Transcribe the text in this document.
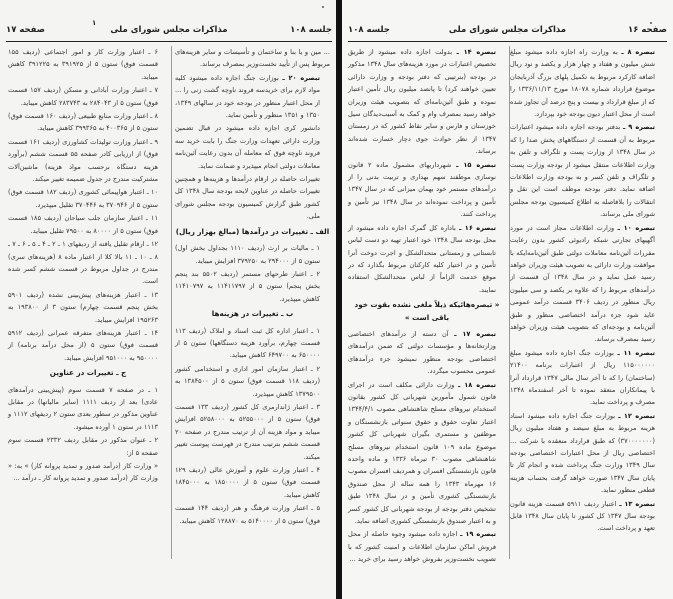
جلسه ۱۰۸
مذاکرات مجلس شورای ملی
۱
صفحه ۱۷

... مین و یا بنا و ساختمان و تأسیسات و سایر هزینه‌های مربوط پس از تأیید نخست‌وزیر بمصرف برساند.

تبصره ۲۰ ـ بوزارت جنگ اجازه داده میشود کلیه مواد لازم برای خریدسه فروند ناوچه گشت زنی را ... از محل اعتبار منظور در بودجه خود در سالهای ۱۳۴۹، ۱۳۵۰ و ۱۳۵۱ منظور و تأمین نماید.

دانشور کری اجازه داده میشود در قبال تضمین وزارت دارائی تعهدات وزارت جنگ را بابت خرید سه فروند ناوچه فوق که معامله آن بدون رعایت آئین‌نامه معاملات دولتی انجام میپذیرد و ضمانت نماید.

تغییرات حاصله در ارقام درآمدها و هزینه‌ها و همچنین تغییرات حاصله در عناوین لایحه بودجه سال ۱۳۴۸ کل کشور طبق گزارش کمیسیون بودجه مجلس شورای ملی.

الف ـ تغییرات در درآمدها (مبالغ بهزار ریال)

۱ ـ مالیات بر ارث (ردیف ۱۱۱۰ بجداول بخش اول) ستون ۵ از ۲۹۴۰۰۰ به ۳۷۹۲۵۰ افزایش میباید.

۲ ـ اعتبار طرحهای مستمر (ردیف ۵۵۰۲ بند پنجم بخش پنجم) ستون ۵ از ۱۱۴۱۱۷۹۷ به ۱۱۴۱۰۷۹۷ کاهش میپذیرد.

ب ـ تغییرات در هزینه‌ها

۱ ـ اعتبار اداره کل ثبت اسناد و املاک (ردیف ۱۱۳ قسمت چهارم، برآورد هزینه دستگاهها) ستون ۵ از ۶۵۰۰۰۰ به ۶۴۹۷۰۰ کاهش میباید.

۲ ـ اعتبار سازمان امور اداری و استخدامی کشور (ردیف ۱۱۸ قسمت فوق) ستون ۵ از ۱۳۸۴۵۰۰ به ۱۳۷۹۵۰۰ کاهش میپذیرد.

۳ ـ اعتبار ژاندارمری کل کشور (ردیف ۱۳۳ قسمت فوق) ستون ۵ از ۵۲۵۵۰۰۰ به ۵۲۵۸۰۰۰ افزایش میباید و مواد هزینه آن از ترتیب مندرج در صفحه ۲۰ قسمت ششم بترتیب مندرج در فهرست پیوست تغییر میکند.

۴ ـ اعتبار وزارت علوم و آموزش عالی (ردیف ۱۲۹ قسمت فوق) ستون ۵ از ۱۸۵۰۰۰۰ به ۱۸۴۵۰۰۰ کاهش میباید.

۵ ـ اعتبار وزارت فرهنگ و هنر (ردیف ۱۴۴ قسمت فوق) ستون ۵ از ۵۱۴۰۰۰۰ به ۱۲۸۸۷۰ کاهش میباید.

۶ ـ اعتبار وزارت کار و امور اجتماعی (ردیف ۱۵۵ قسمت فوق) ستون ۵ از ۳۹۱۹۲۵ به ۳۹۱۲۲۵ کاهش میباید.

۷ ـ اعتبار وزارت آبادانی و مسکن (ردیف ۱۵۷ قسمت فوق) ستون ۵ از ۲۸۴۰۴۳ به ۲۸۳۷۴۳ کاهش میباید.

۸ ـ اعتبار وزارت منابع طبیعی (ردیف ۱۶۰ قسمت فوق) ستون ۵ از ۴۰۰۳۶۵ به ۳۹۹۳۶۵ کاهش میباید.

۹ ـ اعتبار وزارت تولیدات کشاورزی (ردیف ۱۶۱ قسمت فوق) از ارزیابی کادر صفحه ۵۵ قسمت ششم (برآورد هزینه دستگاه برحسب مواد هزینه) ماشین‌آلات مشترکیت مندرج در جدول ضمیمه تغییر میکند.

۱۰ ـ اعتبار هواپیمائی کشوری (ردیف ۱۸۲ قسمت فوق) ستون ۵ از ۳۷۰۹۴۶ به ۳۷۰۴۴۶ تقلیل میپذیرد.

۱۱ ـ اعتبار سازمان جلب سیاحان (ردیف ۱۸۵ قسمت فوق) ستون ۵ از ۸۰۰۰۰ به ۷۹۵۰۰ تقلیل میباید.

۱۲ ـ ارقام تقلیل یافته از ردیفهای ۱ ـ ۲ ـ ۴ ـ ۵ ـ ۶ ـ ۷ ـ ۸ ـ ۱۰ ـ ۱۱ بالا کلا از اعتبار ماده ۸ (هزینه‌های سری) مندرج در جداول مربوط در قسمت ششم کسر شده است.

۱۳ ـ اعتبار هزینه‌های پیش‌بینی نشده (ردیف ۵۹۰۱ بخش پنجم قسمت چهارم) ستون ۳ از ۱۹۳۸۰۰ به ۱۹۵۲۶۳ افزایش میباید.

۱۴ ـ اعتبار هزینه‌های متفرقه عمرانی (ردیف ۵۹۱۲ قسمت فوق) ستون ۵ (از محل درآمد برنامه) از ۹۵۰۰۰۰ به ۹۵۱۰۰۰ افزایش میباید.

ج ـ تغییرات در عناوین

۱ ـ در صفحه ۷ قسمت سوم (پیش‌بینی درآمدهای عادی) بعد از ردیف ۱۱۱۱ (سایر مالیاتها) در مقابل عناوین مذکور در سطور بعدی ستون ۲ ردیفهای ۱۱۱۲ و ۱۱۱۳ در ستون ۱ آورده میشود.

۲ ـ عنوان مذکور در مقابل ردیف ۲۳۳۲ قسمت سوم صفحه ۵ از:

« وزارت کار (درآمد صدور و تمدید پروانه کار) » به: « وزارت کار (درآمد صدور و تمدید پروانه کار ـ درآمد ...

صفحه ۱۶
مذاکرات مجلس شورای ملی
جلسه ۱۰۸

تبصره ۸ ـ به وزارت راه اجازه داده میشود مبلغ شش میلیون و هفتاد و چهار هزار و یکصد و نود ریال اضافه کارکرد مربوط به تکمیل پلهای بزرگ آذربایجان موضوع قرارداد شماره ۱۸۰۷۸ مورخ ۱۳۳۶/۱۱/۱۳ را که از مبلغ قرارداد و بیست و پنج درصد آن تجاوز شده است از محل اعتبار دیون بودجه خود بپردازد.

تبصره ۹ ـ بدفتر بودجه اجازه داده میشود اعتبارات مربوط به آن قسمت از دستگاههای پخش صدا را که در سال ۱۳۴۸ از وزارت پست و تلگراف و تلفن به وزارت اطلاعات منتقل میشود از بودجه وزارت پست و تلگراف و تلفن کسر و به بودجه وزارت اطلاعات اضافه نماید. دفتر بودجه موظف است این نقل و انتقالات را بلافاصله به اطلاع کمیسیون بودجه مجلس شورای ملی برساند.

تبصره ۱۰ ـ وزارت اطلاعات مجاز است در مورد آگهیهای تجارتی شبکه رادیوئی کشور بدون رعایت مقررات آئین‌نامه معاملات دولتی طبق آئین‌نامه‌ایکه با موافقت وزارت دارائی به تصویب هیئت وزیران خواهد رسید عمل نماید و در سال ۱۳۴۸ آن قسمت از درآمدهای مربوط را که علاوه بر یکصد و سی میلیون ریال منظور در ردیف ۳۴۰۶ قسمت درآمد عمومی عاید شود جزء درآمد اختصاصی منظور و طبق آئین‌نامه و بودجه‌ای که بتصویب هیئت وزیران خواهد رسید بمصرف برساند.

تبصره ۱۱ ـ بوزارت جنگ اجازه داده میشود مبلغ ۱۱۵۰۰۰۰۰۰ ریال از اعتبارات برنامه ۲۱۴۰۰ (ساختمان) را که تا آخر سال مالی ۱۳۴۷ قرارداد آنرا با پیمانکاران منعقد نموده تا آخر اسفندماه ۱۳۴۸ مصرف و پرداخت نماید.

تبصره ۱۲ ـ بوزارت جنگ اجازه داده میشود اسناد هزینه مربوط به مبلغ سیصد و هفتاد میلیون ریال (۳۷۰۰۰۰۰۰۰) که طبق قرارداد منعقده با شرکت ... اختصاصی ریال از محل اعتبارات اختصاصی بودجه سال ۱۳۴۹ وزارت جنگ پرداخت شده و انجام کار تا پایان سال ۱۳۴۷ صورت خواهد گرفت بحساب هزینه قطعی منظور نماید.

تبصره ۱۳ ـ اعتبار ردیف ۵۹۱۱ قسمت هزینه قانون بودجه سال ۱۳۴۷ کل کشور تا پایان سال ۱۳۴۸ قابل تعهد و پرداخت است.

تبصره ۱۴ ـ بدولت اجازه داده میشود از طریق تخصیص اعتبارات در مورد هزینه‌های سال ۱۳۴۸ مذکور در بودجه (بترتیبی که دفتر بودجه و وزارت دارائی تعیین خواهند کرد) تا پانصد میلیون ریال تأمین اعتبار نموده و طبق آئین‌نامه‌ای که بتصویب هیئت وزیران خواهد رسید بمصرف وام و کمک به آسیب‌دیدگان سیل خوزستان و فارس و سایر نقاط کشور که در زمستان ۱۳۴۷ از نظر حوادث جوی دچار خسارت شده‌اند برساند.

تبصره ۱۵ ـ شهرداریهای مشمول ماده ۲ قانون نوسازی موظفند سهم بهداری و تربیت بدنی را از درآمدهای مستمر خود بهمان میزانی که در سال ۱۳۴۷ تأمین و پرداخت نموده‌اند در سال ۱۳۴۸ نیز تأمین و پرداخت کنند.

تبصره ۱۶ ـ باداره کل گمرک اجازه داده میشود از محل بودجه سال ۱۳۴۸ خود اعتبار تهیه دو دست لباس تابستانی و زمستانی متحدالشکل و اجرت دوخت آنرا تأمین و در اختیار کلیه کارکنان مربوط بگذارد که در موقع خدمت الزاماً از لباس متحدالشکل استفاده نمایند.

« تبصره‌هائیکه ذیلاً ملغی نشده بقوت خود باقی است »

تبصره ۱۷ ـ آن دسته از درآمدهای اختصاصی وزارتخانه‌ها و مؤسسات دولتی که ضمن درآمدهای اختصاصی بودجه منظور نمیشود جزء درآمدهای عمومی محسوب میگردد.

تبصره ۱۸ ـ وزارت دارائی مکلف است در اجرای قانون شمول مأمورین شهربانی کل کشور بقانون استخدام نیروهای مسلح شاهنشاهی مصوب ۱۳۴۴/۴/۱ اعتبار تفاوت حقوق و حقوق سنواتی بازنشستگان و موظفین و مستمری بگیران شهربانی کل کشور موضوع ماده ۱۰۹ قانون استخدام نیروهای مسلح شاهنشاهی مصوب ۳۰ تیرماه ۱۳۳۶ و ماده واحده قانون بازنشستگی افسران و همردیف افسران مصوب ۱۶ مهرماه ۱۳۴۳ را همه ساله از محل صندوق بازنشستگی کشوری تأمین و در سال ۱۳۴۸ طبق تشخیص دفتر بودجه از بودجه شهربانی کل کشور کسر و به اعتبار صندوق بازنشستگی کشوری اضافه نماید.

تبصره ۱۹ ـ اجازه داده میشود وجوه حاصله از محل فروش اماکن سازمان اطلاعات و امنیت کشور که با تصویب نخست‌وزیر بفروش خواهد رسید برای خرید ...
